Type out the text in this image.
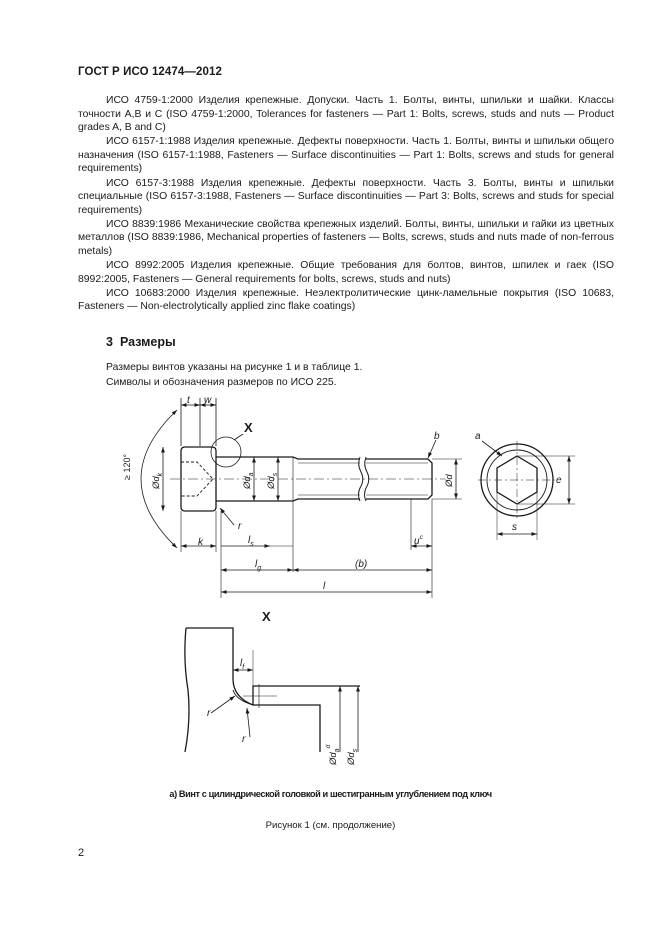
ГОСТ Р ИСО 12474—2012

ИСО 4759-1:2000 Изделия крепежные. Допуски. Часть 1. Болты, винты, шпильки и шайки. Классы точности A,B и C (ISO 4759-1:2000, Tolerances for fasteners — Part 1: Bolts, screws, studs and nuts — Product grades A, B and C)

ИСО 6157-1:1988 Изделия крепежные. Дефекты поверхности. Часть 1. Болты, винты и шпильки общего назначения (ISO 6157-1:1988, Fasteners — Surface discontinuities — Part 1: Bolts, screws and studs for general requirements)

ИСО 6157-3:1988 Изделия крепежные. Дефекты поверхности. Часть 3. Болты, винты и шпильки специальные (ISO 6157-3:1988, Fasteners — Surface discontinuities — Part 3: Bolts, screws and studs for special requirements)

ИСО 8839:1986 Механические свойства крепежных изделий. Болты, винты, шпильки и гайки из цветных металлов (ISO 8839:1986, Mechanical properties of fasteners — Bolts, screws, studs and nuts made of non-ferrous metals)

ИСО 8992:2005 Изделия крепежные. Общие требования для болтов, винтов, шпилек и гаек (ISO 8992:2005, Fasteners — General requirements for bolts, screws, studs and nuts)

ИСО 10683:2000 Изделия крепежные. Неэлектролитические цинк-ламельные покрытия (ISO 10683, Fasteners — Non-electrolytically applied zinc flake coatings)

3 Размеры
Размеры винтов указаны на рисунке 1 и в таблице 1.
Символы и обозначения размеров по ИСО 225.
t w
X
≥ 120°
$Ød_k$
$Ød_a$
$Ød_s$	Ød
b
r
k	$l_s$
$l_g$	(b)
l
$u^c$
a
e
s
X
$l_f$
r
r
$Ød_a^d$
$Ød_s$
a) Винт с цилиндрической головкой и шестигранным углублением под ключ
Рисунок 1 (см. продолжение)
2
